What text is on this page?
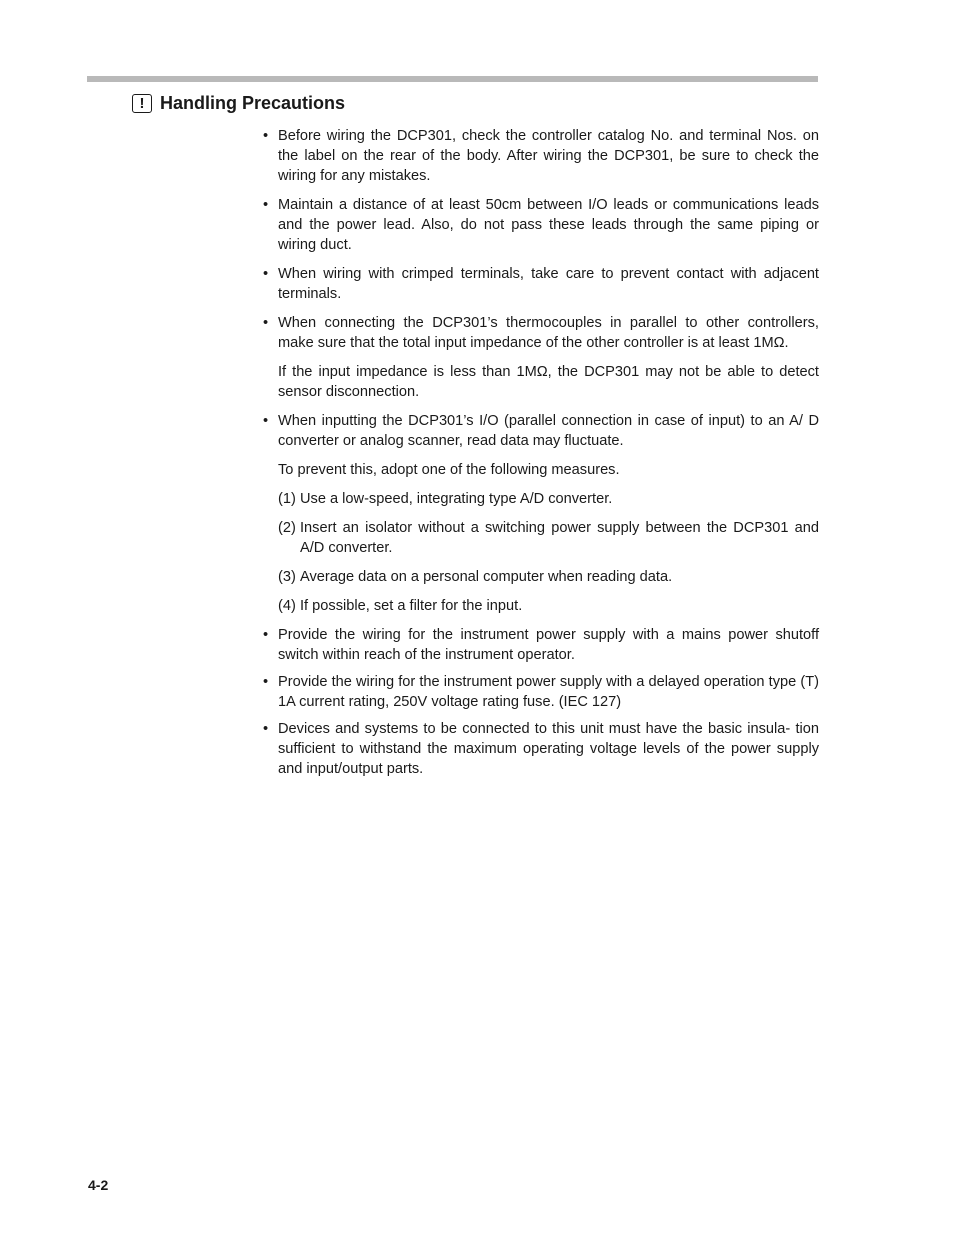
! Handling Precautions
• Before wiring the DCP301, check the controller catalog No. and terminal Nos. on the label on the rear of the body. After wiring the DCP301, be sure to check the wiring for any mistakes.
• Maintain a distance of at least 50cm between I/O leads or communications leads and the power lead. Also, do not pass these leads through the same piping or wiring duct.
• When wiring with crimped terminals, take care to prevent contact with adjacent terminals.
• When connecting the DCP301’s thermocouples in parallel to other controllers, make sure that the total input impedance of the other controller is at least 1MΩ.
If the input impedance is less than 1MΩ, the DCP301 may not be able to detect sensor disconnection.
• When inputting the DCP301’s I/O (parallel connection in case of input) to an A/ D converter or analog scanner, read data may fluctuate.
To prevent this, adopt one of the following measures.
(1) Use a low-speed, integrating type A/D converter.
(2) Insert an isolator without a switching power supply between the DCP301 and A/D converter.
(3) Average data on a personal computer when reading data.
(4) If possible, set a filter for the input.
• Provide the wiring for the instrument power supply with a mains power shutoff switch within reach of the instrument operator.
• Provide the wiring for the instrument power supply with a delayed operation type (T) 1A current rating, 250V voltage rating fuse. (IEC 127)
• Devices and systems to be connected to this unit must have the basic insula- tion sufficient to withstand the maximum operating voltage levels of the power supply and input/output parts.
4-2
